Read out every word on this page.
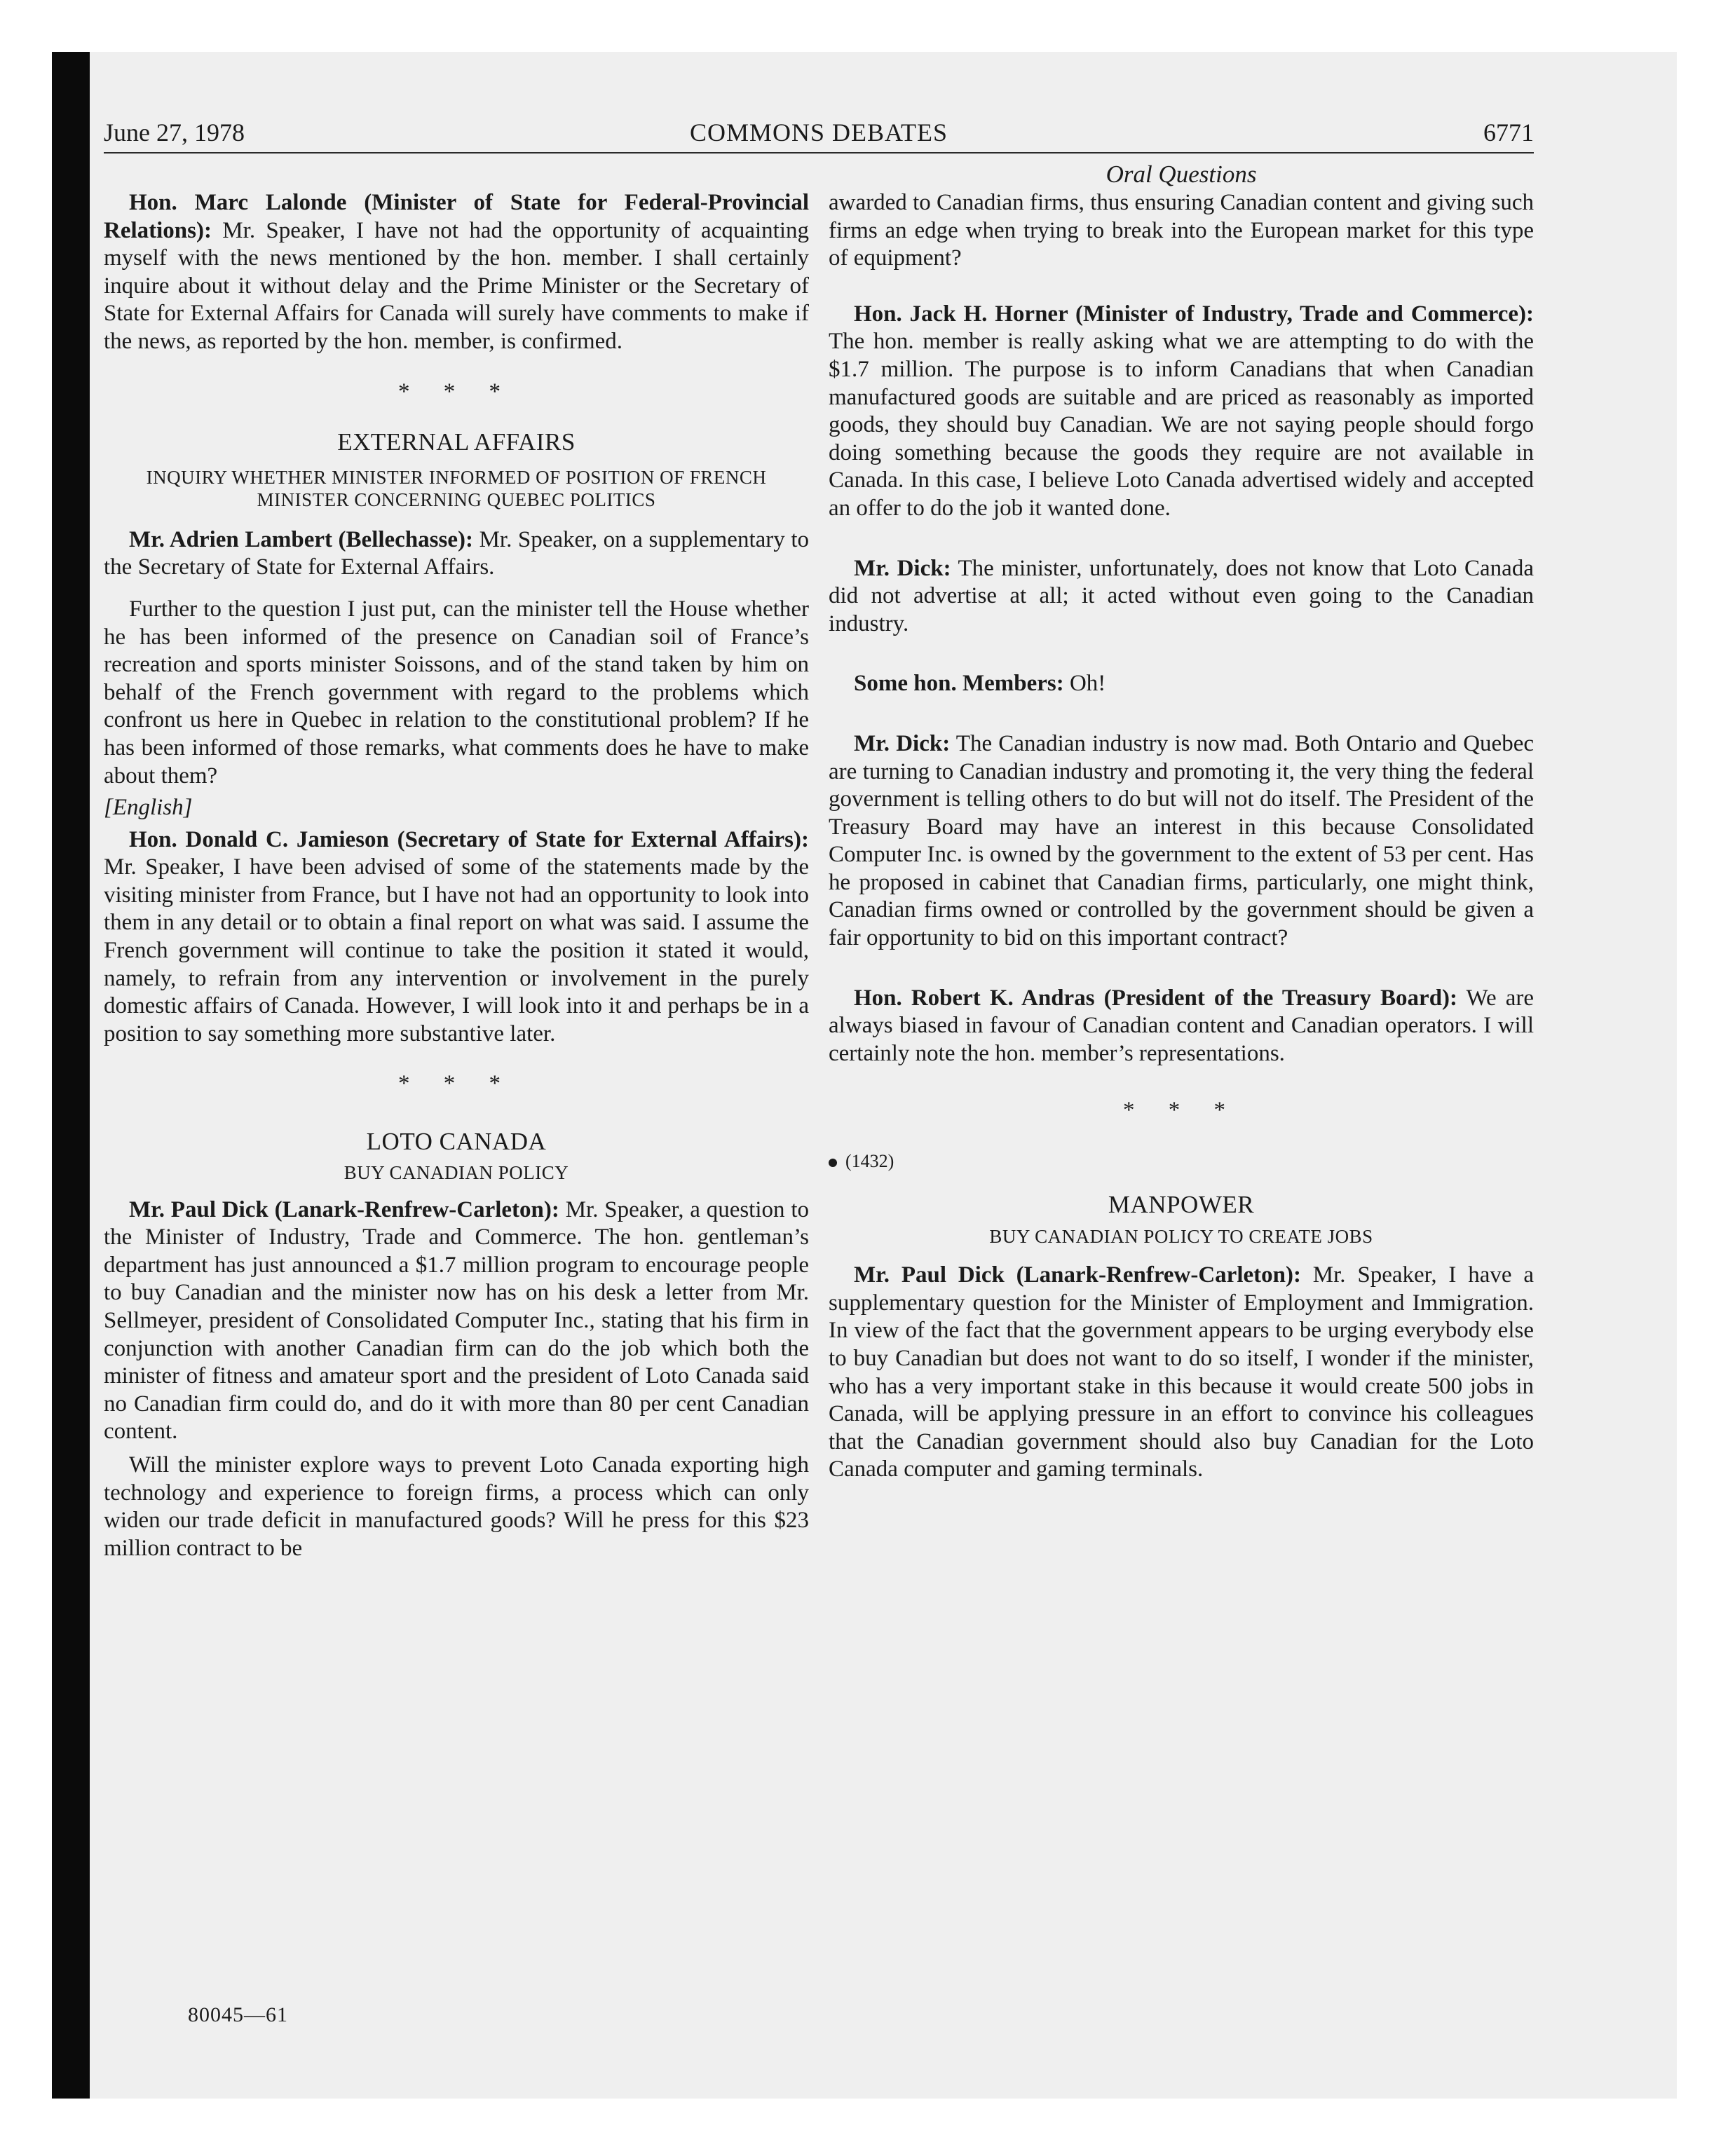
June 27, 1978	COMMONS DEBATES	6771
Oral Questions

Hon. Marc Lalonde (Minister of State for Federal-Provincial Relations): Mr. Speaker, I have not had the opportunity of acquainting myself with the news mentioned by the hon. member. I shall certainly inquire about it without delay and the Prime Minister or the Secretary of State for External Affairs for Canada will surely have comments to make if the news, as reported by the hon. member, is confirmed.

* * *

EXTERNAL AFFAIRS

INQUIRY WHETHER MINISTER INFORMED OF POSITION OF FRENCH MINISTER CONCERNING QUEBEC POLITICS

Mr. Adrien Lambert (Bellechasse): Mr. Speaker, on a supplementary to the Secretary of State for External Affairs.

Further to the question I just put, can the minister tell the House whether he has been informed of the presence on Canadian soil of France’s recreation and sports minister Soissons, and of the stand taken by him on behalf of the French government with regard to the problems which confront us here in Quebec in relation to the constitutional problem? If he has been informed of those remarks, what comments does he have to make about them?

[English]

Hon. Donald C. Jamieson (Secretary of State for External Affairs): Mr. Speaker, I have been advised of some of the statements made by the visiting minister from France, but I have not had an opportunity to look into them in any detail or to obtain a final report on what was said. I assume the French government will continue to take the position it stated it would, namely, to refrain from any intervention or involvement in the purely domestic affairs of Canada. However, I will look into it and perhaps be in a position to say something more substantive later.

* * *

LOTO CANADA

BUY CANADIAN POLICY

Mr. Paul Dick (Lanark-Renfrew-Carleton): Mr. Speaker, a question to the Minister of Industry, Trade and Commerce. The hon. gentleman’s department has just announced a $1.7 million program to encourage people to buy Canadian and the minister now has on his desk a letter from Mr. Sellmeyer, president of Consolidated Computer Inc., stating that his firm in conjunction with another Canadian firm can do the job which both the minister of fitness and amateur sport and the president of Loto Canada said no Canadian firm could do, and do it with more than 80 per cent Canadian content.

Will the minister explore ways to prevent Loto Canada exporting high technology and experience to foreign firms, a process which can only widen our trade deficit in manufactured goods? Will he press for this $23 million contract to be

awarded to Canadian firms, thus ensuring Canadian content and giving such firms an edge when trying to break into the European market for this type of equipment?

Hon. Jack H. Horner (Minister of Industry, Trade and Commerce): The hon. member is really asking what we are attempting to do with the $1.7 million. The purpose is to inform Canadians that when Canadian manufactured goods are suitable and are priced as reasonably as imported goods, they should buy Canadian. We are not saying people should forgo doing something because the goods they require are not available in Canada. In this case, I believe Loto Canada advertised widely and accepted an offer to do the job it wanted done.

Mr. Dick: The minister, unfortunately, does not know that Loto Canada did not advertise at all; it acted without even going to the Canadian industry.

Some hon. Members: Oh!

Mr. Dick: The Canadian industry is now mad. Both Ontario and Quebec are turning to Canadian industry and promoting it, the very thing the federal government is telling others to do but will not do itself. The President of the Treasury Board may have an interest in this because Consolidated Computer Inc. is owned by the government to the extent of 53 per cent. Has he proposed in cabinet that Canadian firms, particularly, one might think, Canadian firms owned or controlled by the government should be given a fair opportunity to bid on this important contract?

Hon. Robert K. Andras (President of the Treasury Board): We are always biased in favour of Canadian content and Canadian operators. I will certainly note the hon. member’s representations.

* * *

(1432)

MANPOWER

BUY CANADIAN POLICY TO CREATE JOBS

Mr. Paul Dick (Lanark-Renfrew-Carleton): Mr. Speaker, I have a supplementary question for the Minister of Employment and Immigration. In view of the fact that the government appears to be urging everybody else to buy Canadian but does not want to do so itself, I wonder if the minister, who has a very important stake in this because it would create 500 jobs in Canada, will be applying pressure in an effort to convince his colleagues that the Canadian government should also buy Canadian for the Loto Canada computer and gaming terminals.

80045—61
